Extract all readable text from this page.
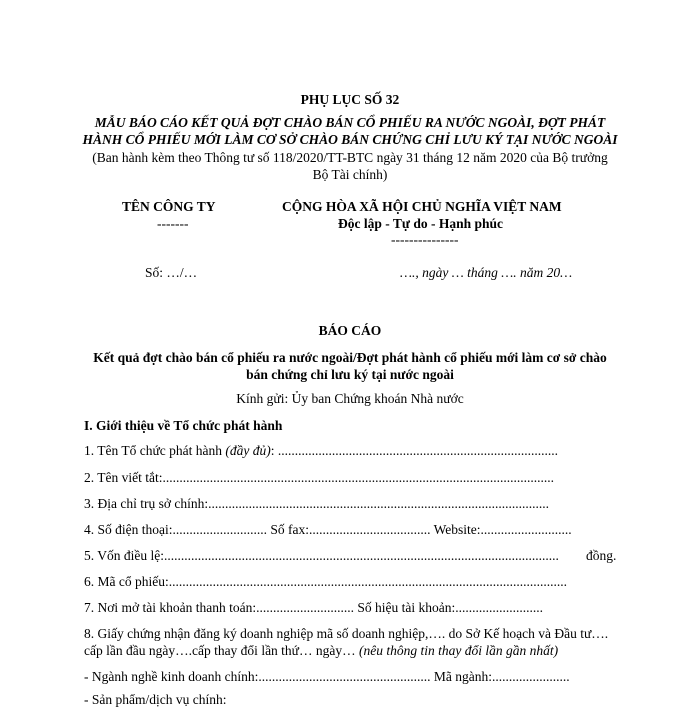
PHỤ LỤC SỐ 32
MẪU BÁO CÁO KẾT QUẢ ĐỢT CHÀO BÁN CỔ PHIẾU RA NƯỚC NGOÀI, ĐỢT PHÁT
HÀNH CỔ PHIẾU MỚI LÀM CƠ SỞ CHÀO BÁN CHỨNG CHỈ LƯU KÝ TẠI NƯỚC NGOÀI
(Ban hành kèm theo Thông tư số 118/2020/TT-BTC ngày 31 tháng 12 năm 2020 của Bộ trưởng
Bộ Tài chính)
TÊN CÔNG TY
-------
CỘNG HÒA XÃ HỘI CHỦ NGHĨA VIỆT NAM
Độc lập - Tự do - Hạnh phúc
---------------
Số: …/…	…., ngày … tháng …. năm 20…
BÁO CÁO
Kết quả đợt chào bán cổ phiếu ra nước ngoài/Đợt phát hành cổ phiếu mới làm cơ sở chào
bán chứng chỉ lưu ký tại nước ngoài
Kính gửi: Ủy ban Chứng khoán Nhà nước
I. Giới thiệu về Tổ chức phát hành
1. Tên Tổ chức phát hành (đầy đủ): ...................................................................................
2. Tên viết tắt:....................................................................................................................
3. Địa chỉ trụ sở chính:.....................................................................................................
4. Số điện thoại:............................ Số fax:.................................... Website:...........................
5. Vốn điều lệ:..................................................................................................................... đồng.
6. Mã cổ phiếu:......................................................................................................................
7. Nơi mở tài khoản thanh toán:............................. Số hiệu tài khoản:..........................
8. Giấy chứng nhận đăng ký doanh nghiệp mã số doanh nghiệp,…. do Sở Kế hoạch và Đầu tư….
cấp lần đầu ngày….cấp thay đổi lần thứ… ngày… (nêu thông tin thay đổi lần gần nhất)
- Ngành nghề kinh doanh chính:................................................... Mã ngành:.......................
- Sản phẩm/dịch vụ chính:
